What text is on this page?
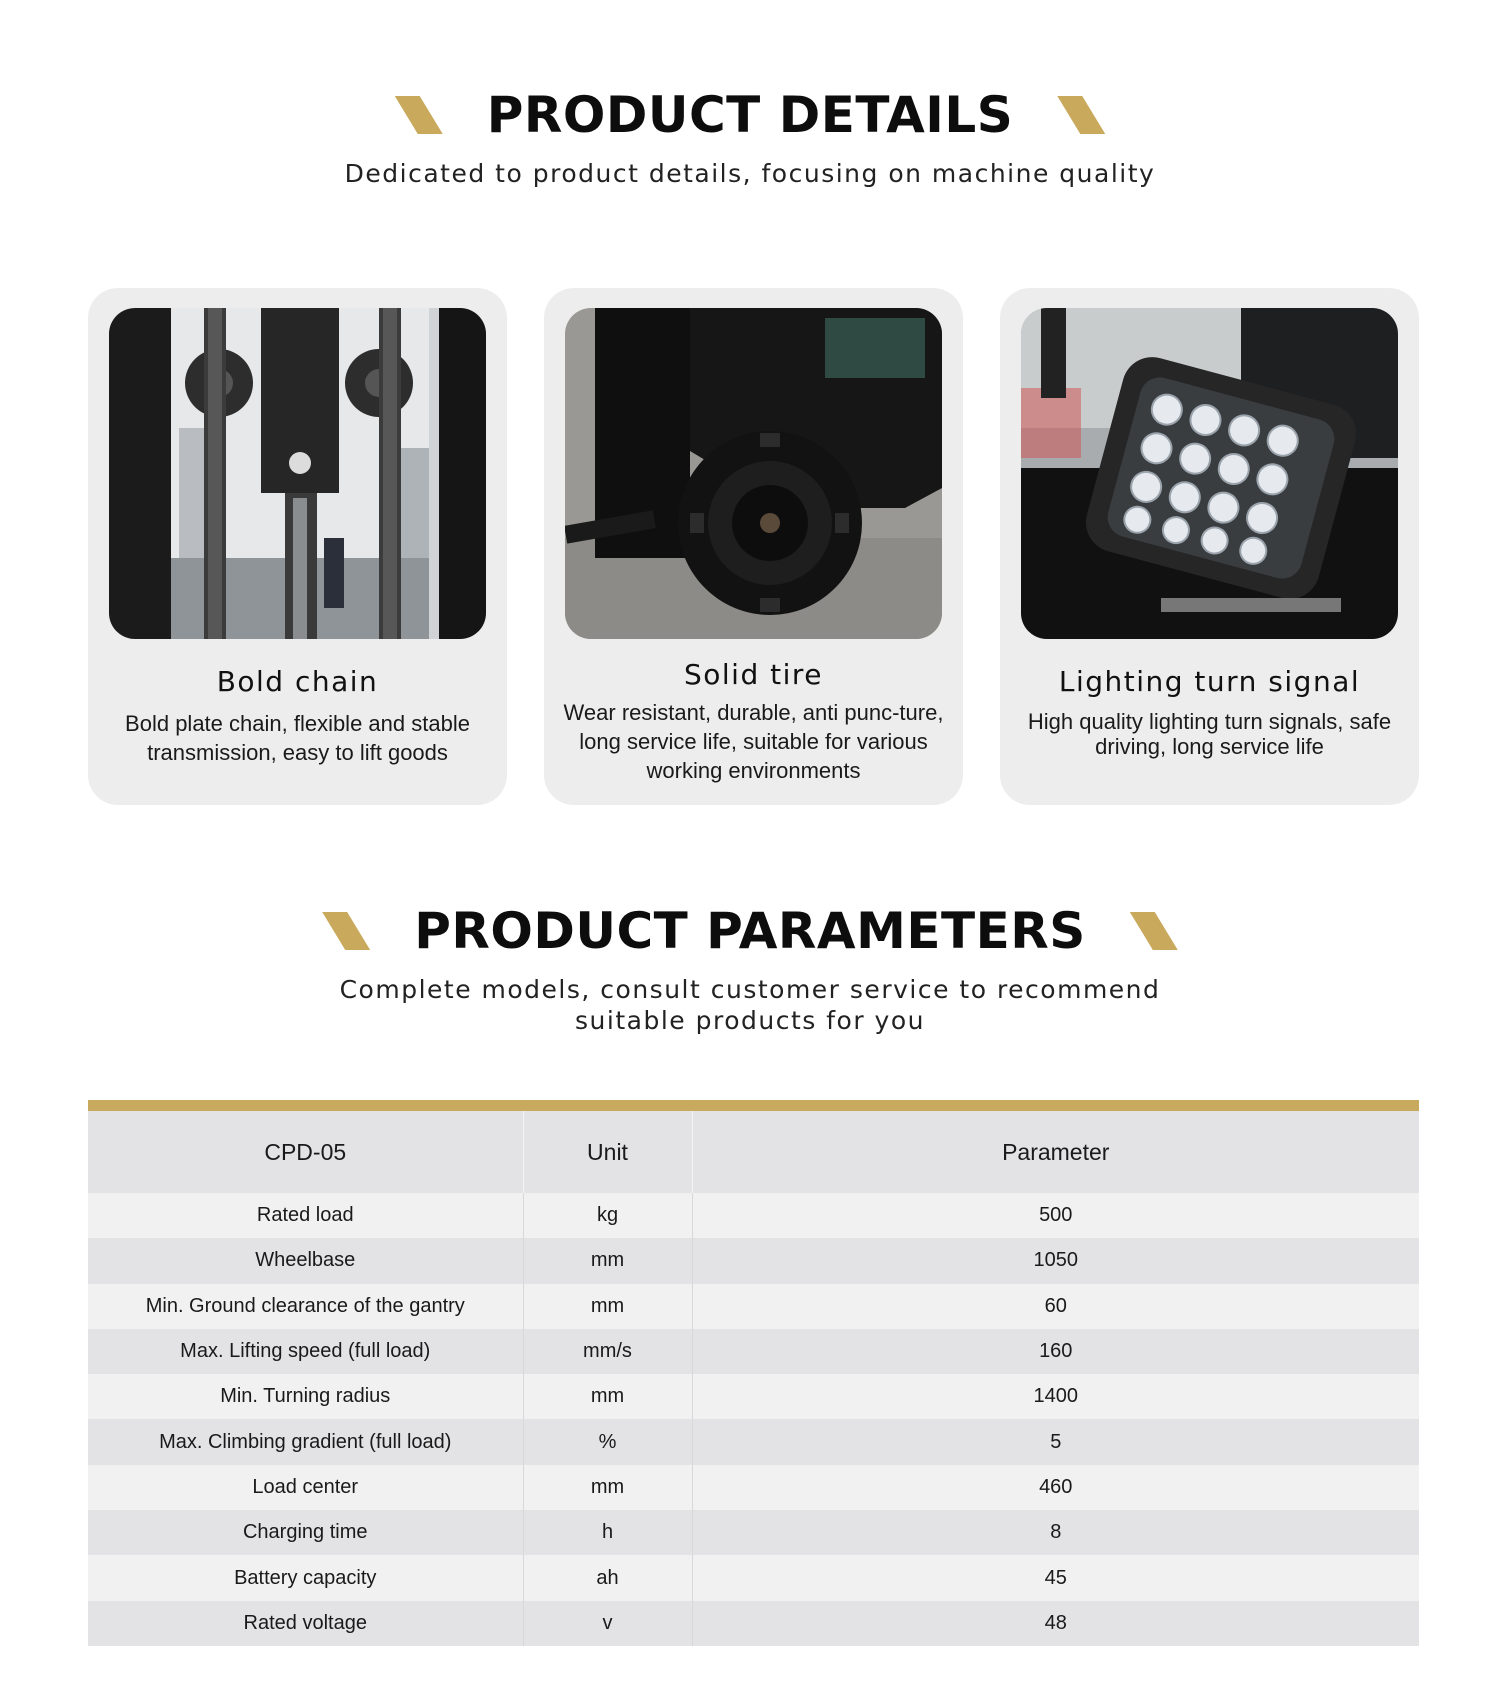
PRODUCT DETAILS
Dedicated to product details, focusing on machine quality
Bold chain
Bold plate chain, flexible and stable transmission, easy to lift goods
Solid tire
Wear resistant, durable, anti punc-ture, long service life, suitable for various working environments
Lighting turn signal
High quality lighting turn signals, safe driving, long service life
PRODUCT PARAMETERS
Complete models, consult customer service to recommend suitable products for you
CPD-05	Unit	Parameter
Rated load	kg	500
Wheelbase	mm	1050
Min. Ground clearance of the gantry	mm	60
Max. Lifting speed (full load)	mm/s	160
Min. Turning radius	mm	1400
Max. Climbing gradient (full load)	%	5
Load center	mm	460
Charging time	h	8
Battery capacity	ah	45
Rated voltage	v	48
